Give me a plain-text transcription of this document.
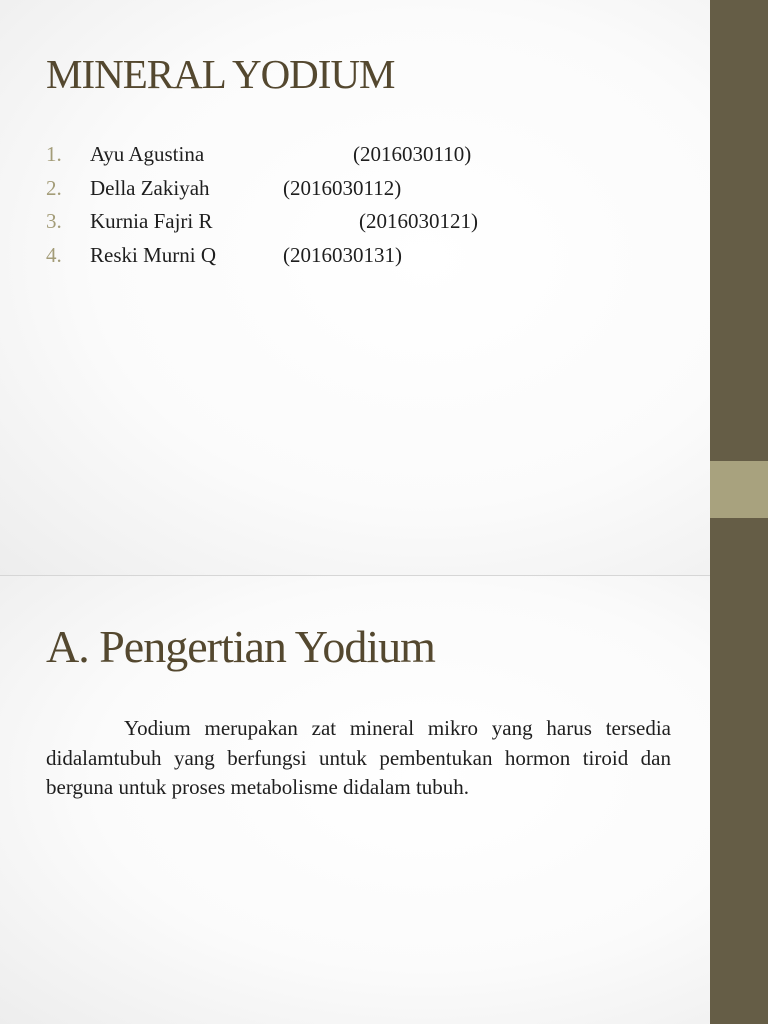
MINERAL YODIUM
1. Ayu Agustina	(2016030110)
2. Della Zakiyah	(2016030112)
3. Kurnia Fajri R	(2016030121)
4. Reski Murni Q	(2016030131)
A. Pengertian Yodium

Yodium merupakan zat mineral mikro yang harus tersedia didalamtubuh yang berfungsi untuk pembentukan hormon tiroid dan berguna untuk proses metabolisme didalam tubuh.
